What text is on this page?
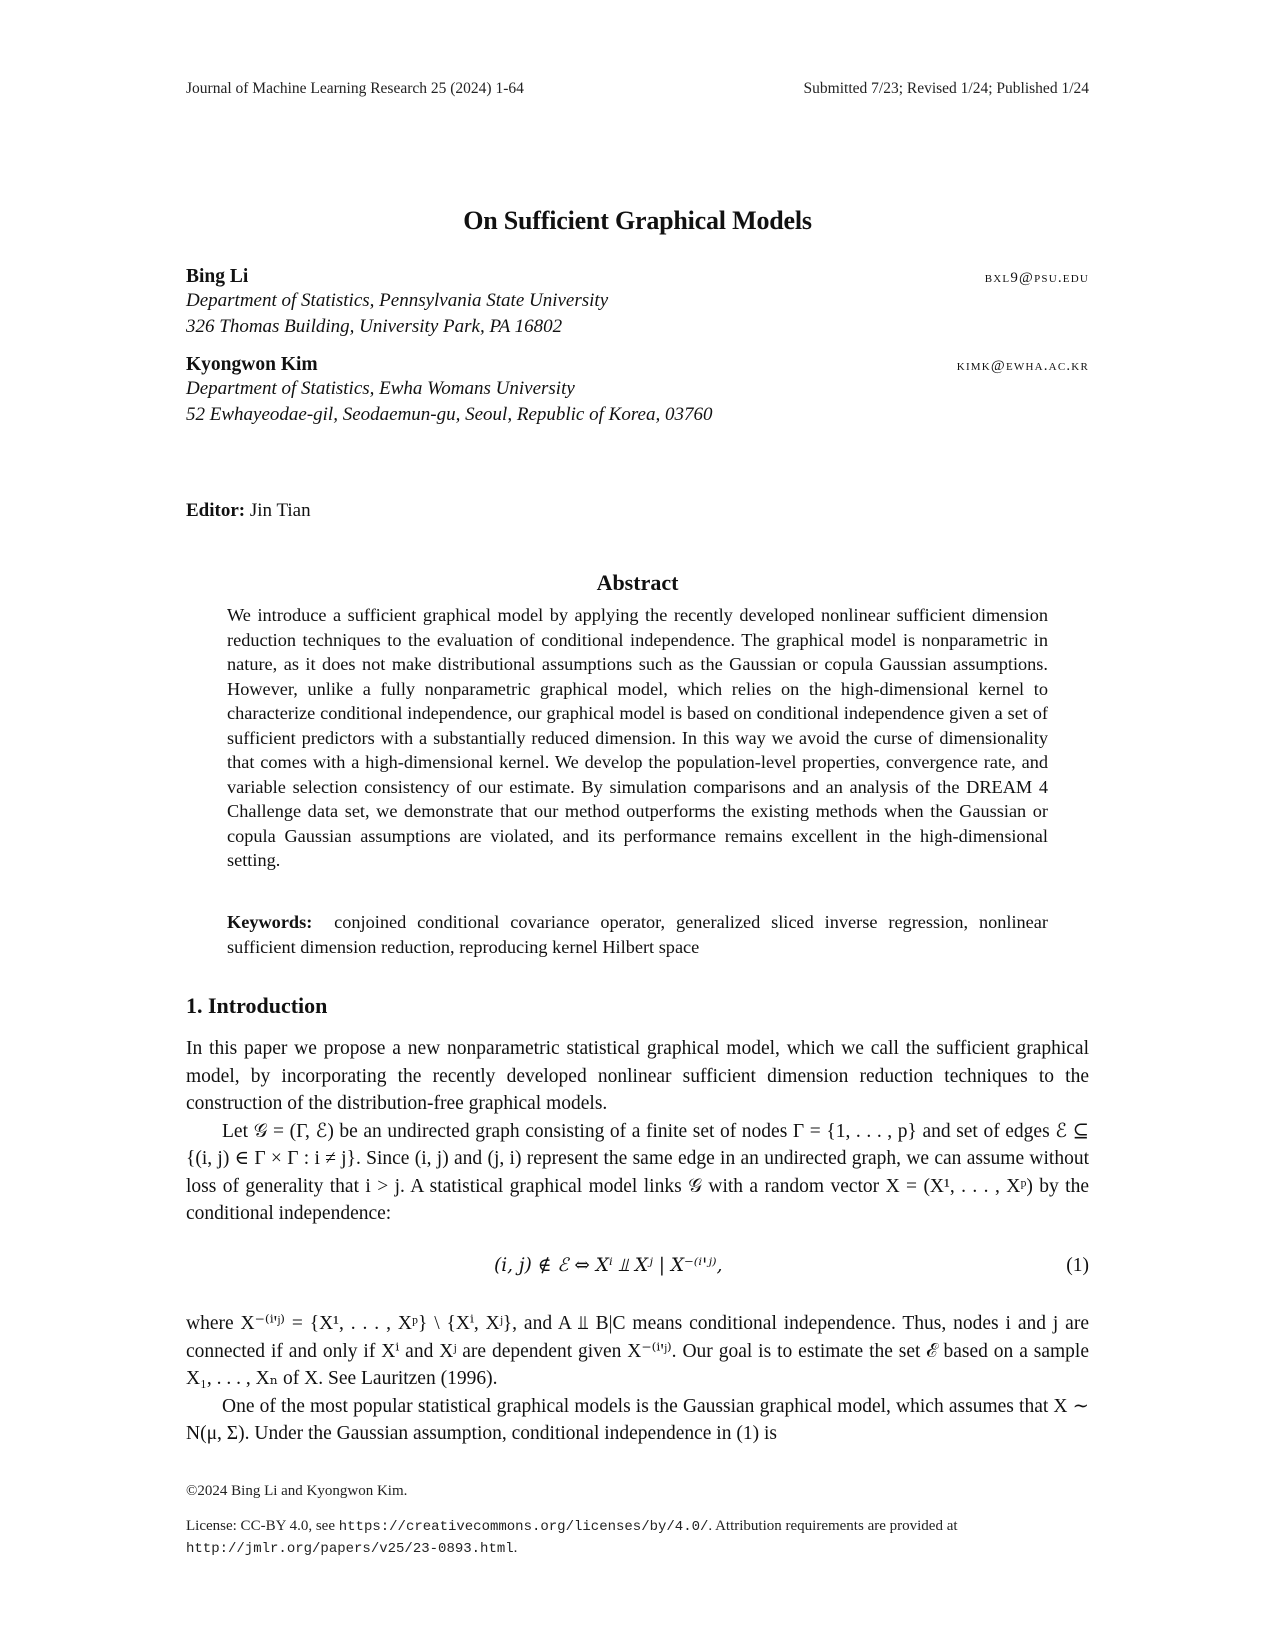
Journal of Machine Learning Research 25 (2024) 1-64	Submitted 7/23; Revised 1/24; Published 1/24
On Sufficient Graphical Models
Bing Li	bxl9@psu.edu
Department of Statistics, Pennsylvania State University
326 Thomas Building, University Park, PA 16802
Kyongwon Kim	kimk@ewha.ac.kr
Department of Statistics, Ewha Womans University
52 Ewhayeodae-gil, Seodaemun-gu, Seoul, Republic of Korea, 03760
Editor: Jin Tian
Abstract
We introduce a sufficient graphical model by applying the recently developed nonlinear sufficient dimension reduction techniques to the evaluation of conditional independence. The graphical model is nonparametric in nature, as it does not make distributional assumptions such as the Gaussian or copula Gaussian assumptions. However, unlike a fully nonparametric graphical model, which relies on the high-dimensional kernel to characterize conditional independence, our graphical model is based on conditional independence given a set of sufficient predictors with a substantially reduced dimension. In this way we avoid the curse of dimensionality that comes with a high-dimensional kernel. We develop the population-level properties, convergence rate, and variable selection consistency of our estimate. By simulation comparisons and an analysis of the DREAM 4 Challenge data set, we demonstrate that our method outperforms the existing methods when the Gaussian or copula Gaussian assumptions are violated, and its performance remains excellent in the high-dimensional setting.
Keywords: conjoined conditional covariance operator, generalized sliced inverse regression, nonlinear sufficient dimension reduction, reproducing kernel Hilbert space
1. Introduction

In this paper we propose a new nonparametric statistical graphical model, which we call the sufficient graphical model, by incorporating the recently developed nonlinear sufficient dimension reduction techniques to the construction of the distribution-free graphical models.

Let 𝒢 = (Γ, ℰ) be an undirected graph consisting of a finite set of nodes Γ = {1, . . . , p} and set of edges ℰ ⊆ {(i, j) ∈ Γ × Γ : i ≠ j}. Since (i, j) and (j, i) represent the same edge in an undirected graph, we can assume without loss of generality that i > j. A statistical graphical model links 𝒢 with a random vector X = (X¹, . . . , Xᵖ) by the conditional independence:

(i, j) ∉ ℰ ⇔ Xⁱ ⫫ Xʲ | X⁻⁽ⁱ'ʲ⁾,	(1)

where X⁻⁽ⁱ'ʲ⁾ = {X¹, . . . , Xᵖ} \ {Xⁱ, Xʲ}, and A ⫫ B|C means conditional independence. Thus, nodes i and j are connected if and only if Xⁱ and Xʲ are dependent given X⁻⁽ⁱ'ʲ⁾. Our goal is to estimate the set ℰ based on a sample X₁, . . . , Xₙ of X. See Lauritzen (1996).

One of the most popular statistical graphical models is the Gaussian graphical model, which assumes that X ∼ N(μ, Σ). Under the Gaussian assumption, conditional independence in (1) is

©2024 Bing Li and Kyongwon Kim.
License: CC-BY 4.0, see https://creativecommons.org/licenses/by/4.0/. Attribution requirements are provided at
http://jmlr.org/papers/v25/23-0893.html.
